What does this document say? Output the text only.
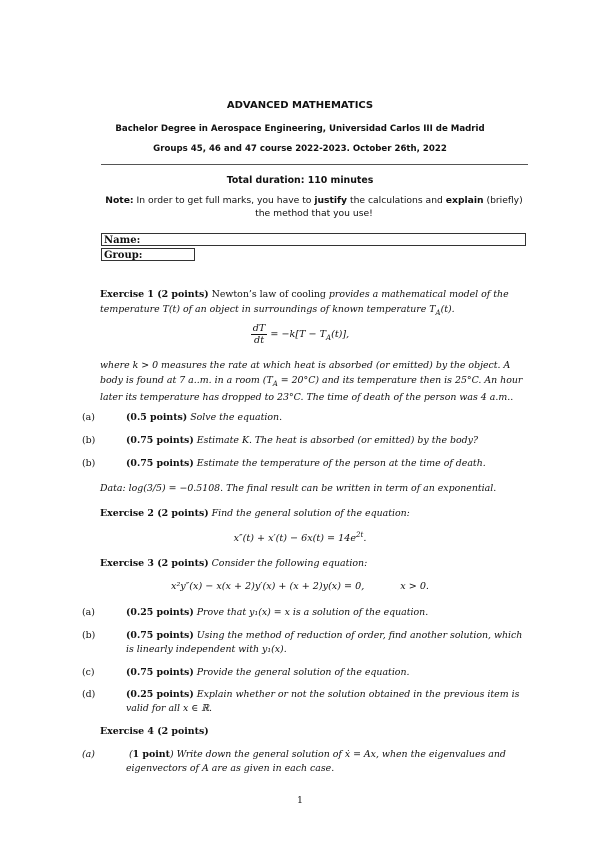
ADVANCED MATHEMATICS
Bachelor Degree in Aerospace Engineering, Universidad Carlos III de Madrid
Groups 45, 46 and 47 course 2022-2023. October 26th, 2022
Total duration: 110 minutes
Note: In order to get full marks, you have to justify the calculations and explain (briefly) the method that you use!
Name:
Group:
Exercise 1 (2 points) Newton’s law of cooling provides a mathematical model of the temperature T(t) of an object in surroundings of known temperature $T_A(t)$.
$\frac{dT}{dt} = -k[T - T_A(t)]$,
where k > 0 measures the rate at which heat is absorbed (or emitted) by the object. A body is found at 7 a..m. in a room $(T_A = 20^\circ C)$ and its temperature then is 25°C. An hour later its temperature has dropped to 23°C. The time of death of the person was 4 a.m..
(a)	(0.5 points) Solve the equation.
(b)	(0.75 points) Estimate K. The heat is absorbed (or emitted) by the body?
(b)	(0.75 points) Estimate the temperature of the person at the time of death.
Data: log(3/5) = −0.5108. The final result can be written in term of an exponential.
Exercise 2 (2 points) Find the general solution of the equation:
$x''(t) + x'(t) - 6x(t) = 14e^{2t}$.
Exercise 3 (2 points) Consider the following equation:
x²y″(x) − x(x + 2)y′(x) + (x + 2)y(x) = 0,	x > 0.
(a)	(0.25 points) Prove that y₁(x) = x is a solution of the equation.
(b)	(0.75 points) Using the method of reduction of order, find another solution, which is linearly independent with y₁(x).
(c)	(0.75 points) Provide the general solution of the equation.
(d)	(0.25 points) Explain whether or not the solution obtained in the previous item is valid for all x ∈ ℝ.
Exercise 4 (2 points)
(a)	(1 point) Write down the general solution of ẋ = Ax, when the eigenvalues and eigenvectors of A are as given in each case.
1
